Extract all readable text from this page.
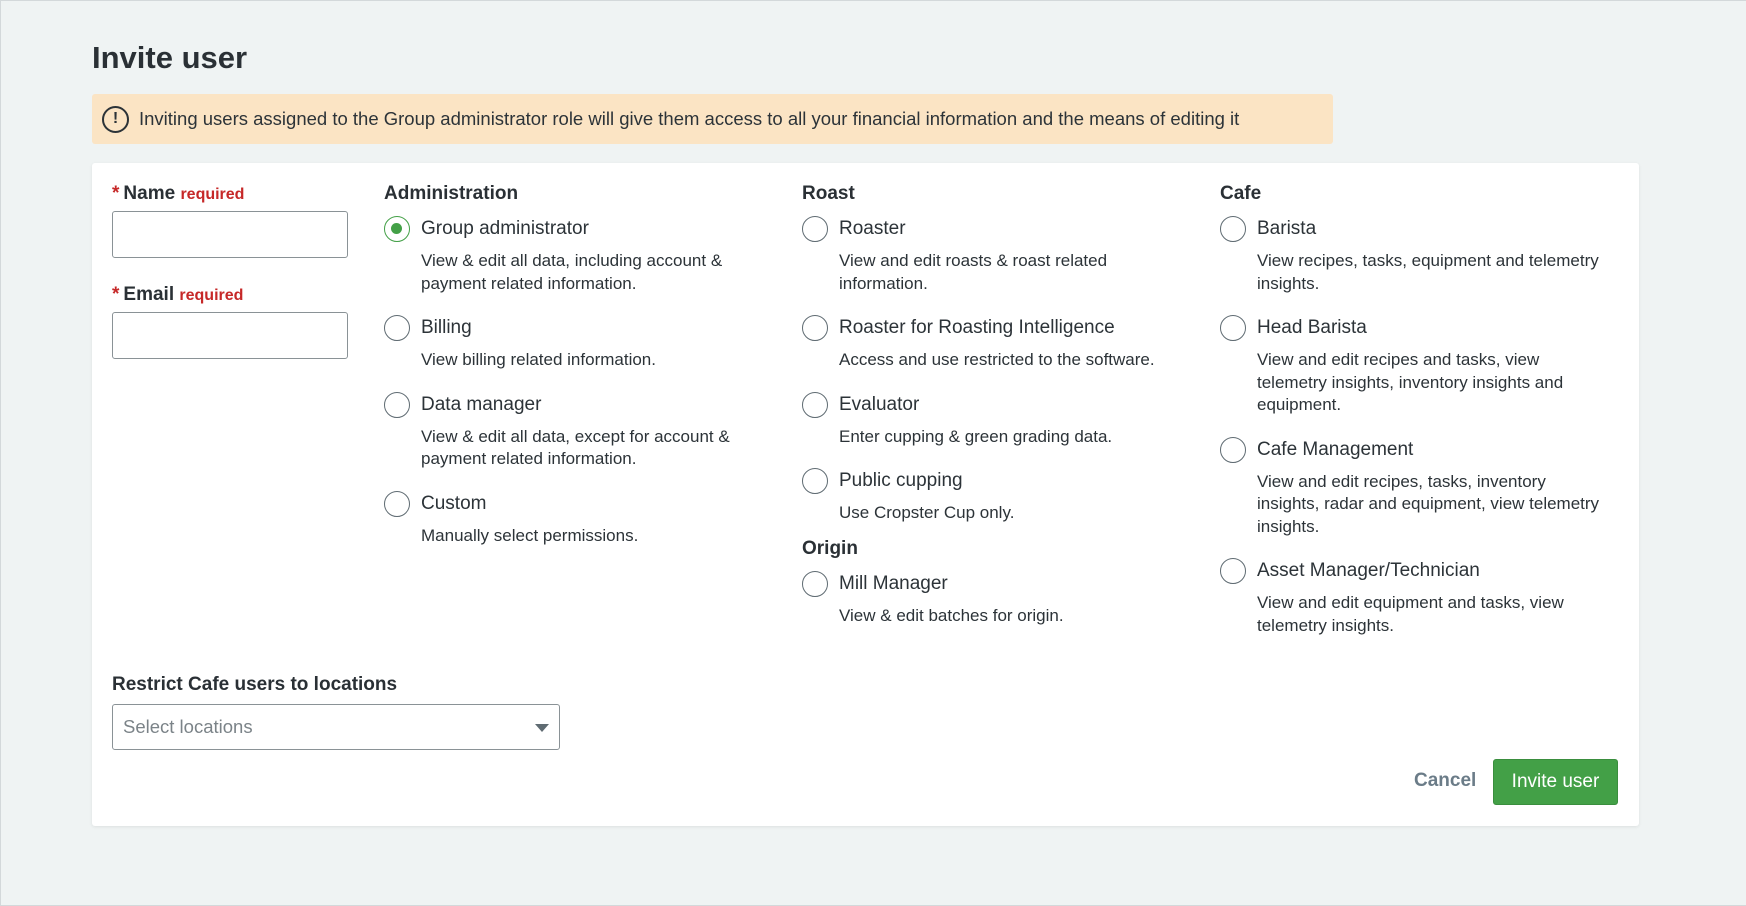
Invite user
!	Inviting users assigned to the Group administrator role will give them access to all your financial information and the means of editing it
* Name required
* Email required
Administration
Group administrator
View & edit all data, including account & payment related information.
Billing
View billing related information.
Data manager
View & edit all data, except for account & payment related information.
Custom
Manually select permissions.
Roast
Roaster
View and edit roasts & roast related information.
Roaster for Roasting Intelligence
Access and use restricted to the software.
Evaluator
Enter cupping & green grading data.
Public cupping
Use Cropster Cup only.
Origin
Mill Manager
View & edit batches for origin.
Cafe
Barista
View recipes, tasks, equipment and telemetry insights.
Head Barista
View and edit recipes and tasks, view telemetry insights, inventory insights and equipment.
Cafe Management
View and edit recipes, tasks, inventory insights, radar and equipment, view telemetry insights.
Asset Manager/Technician
View and edit equipment and tasks, view telemetry insights.
Restrict Cafe users to locations
Select locations
Cancel	Invite user
